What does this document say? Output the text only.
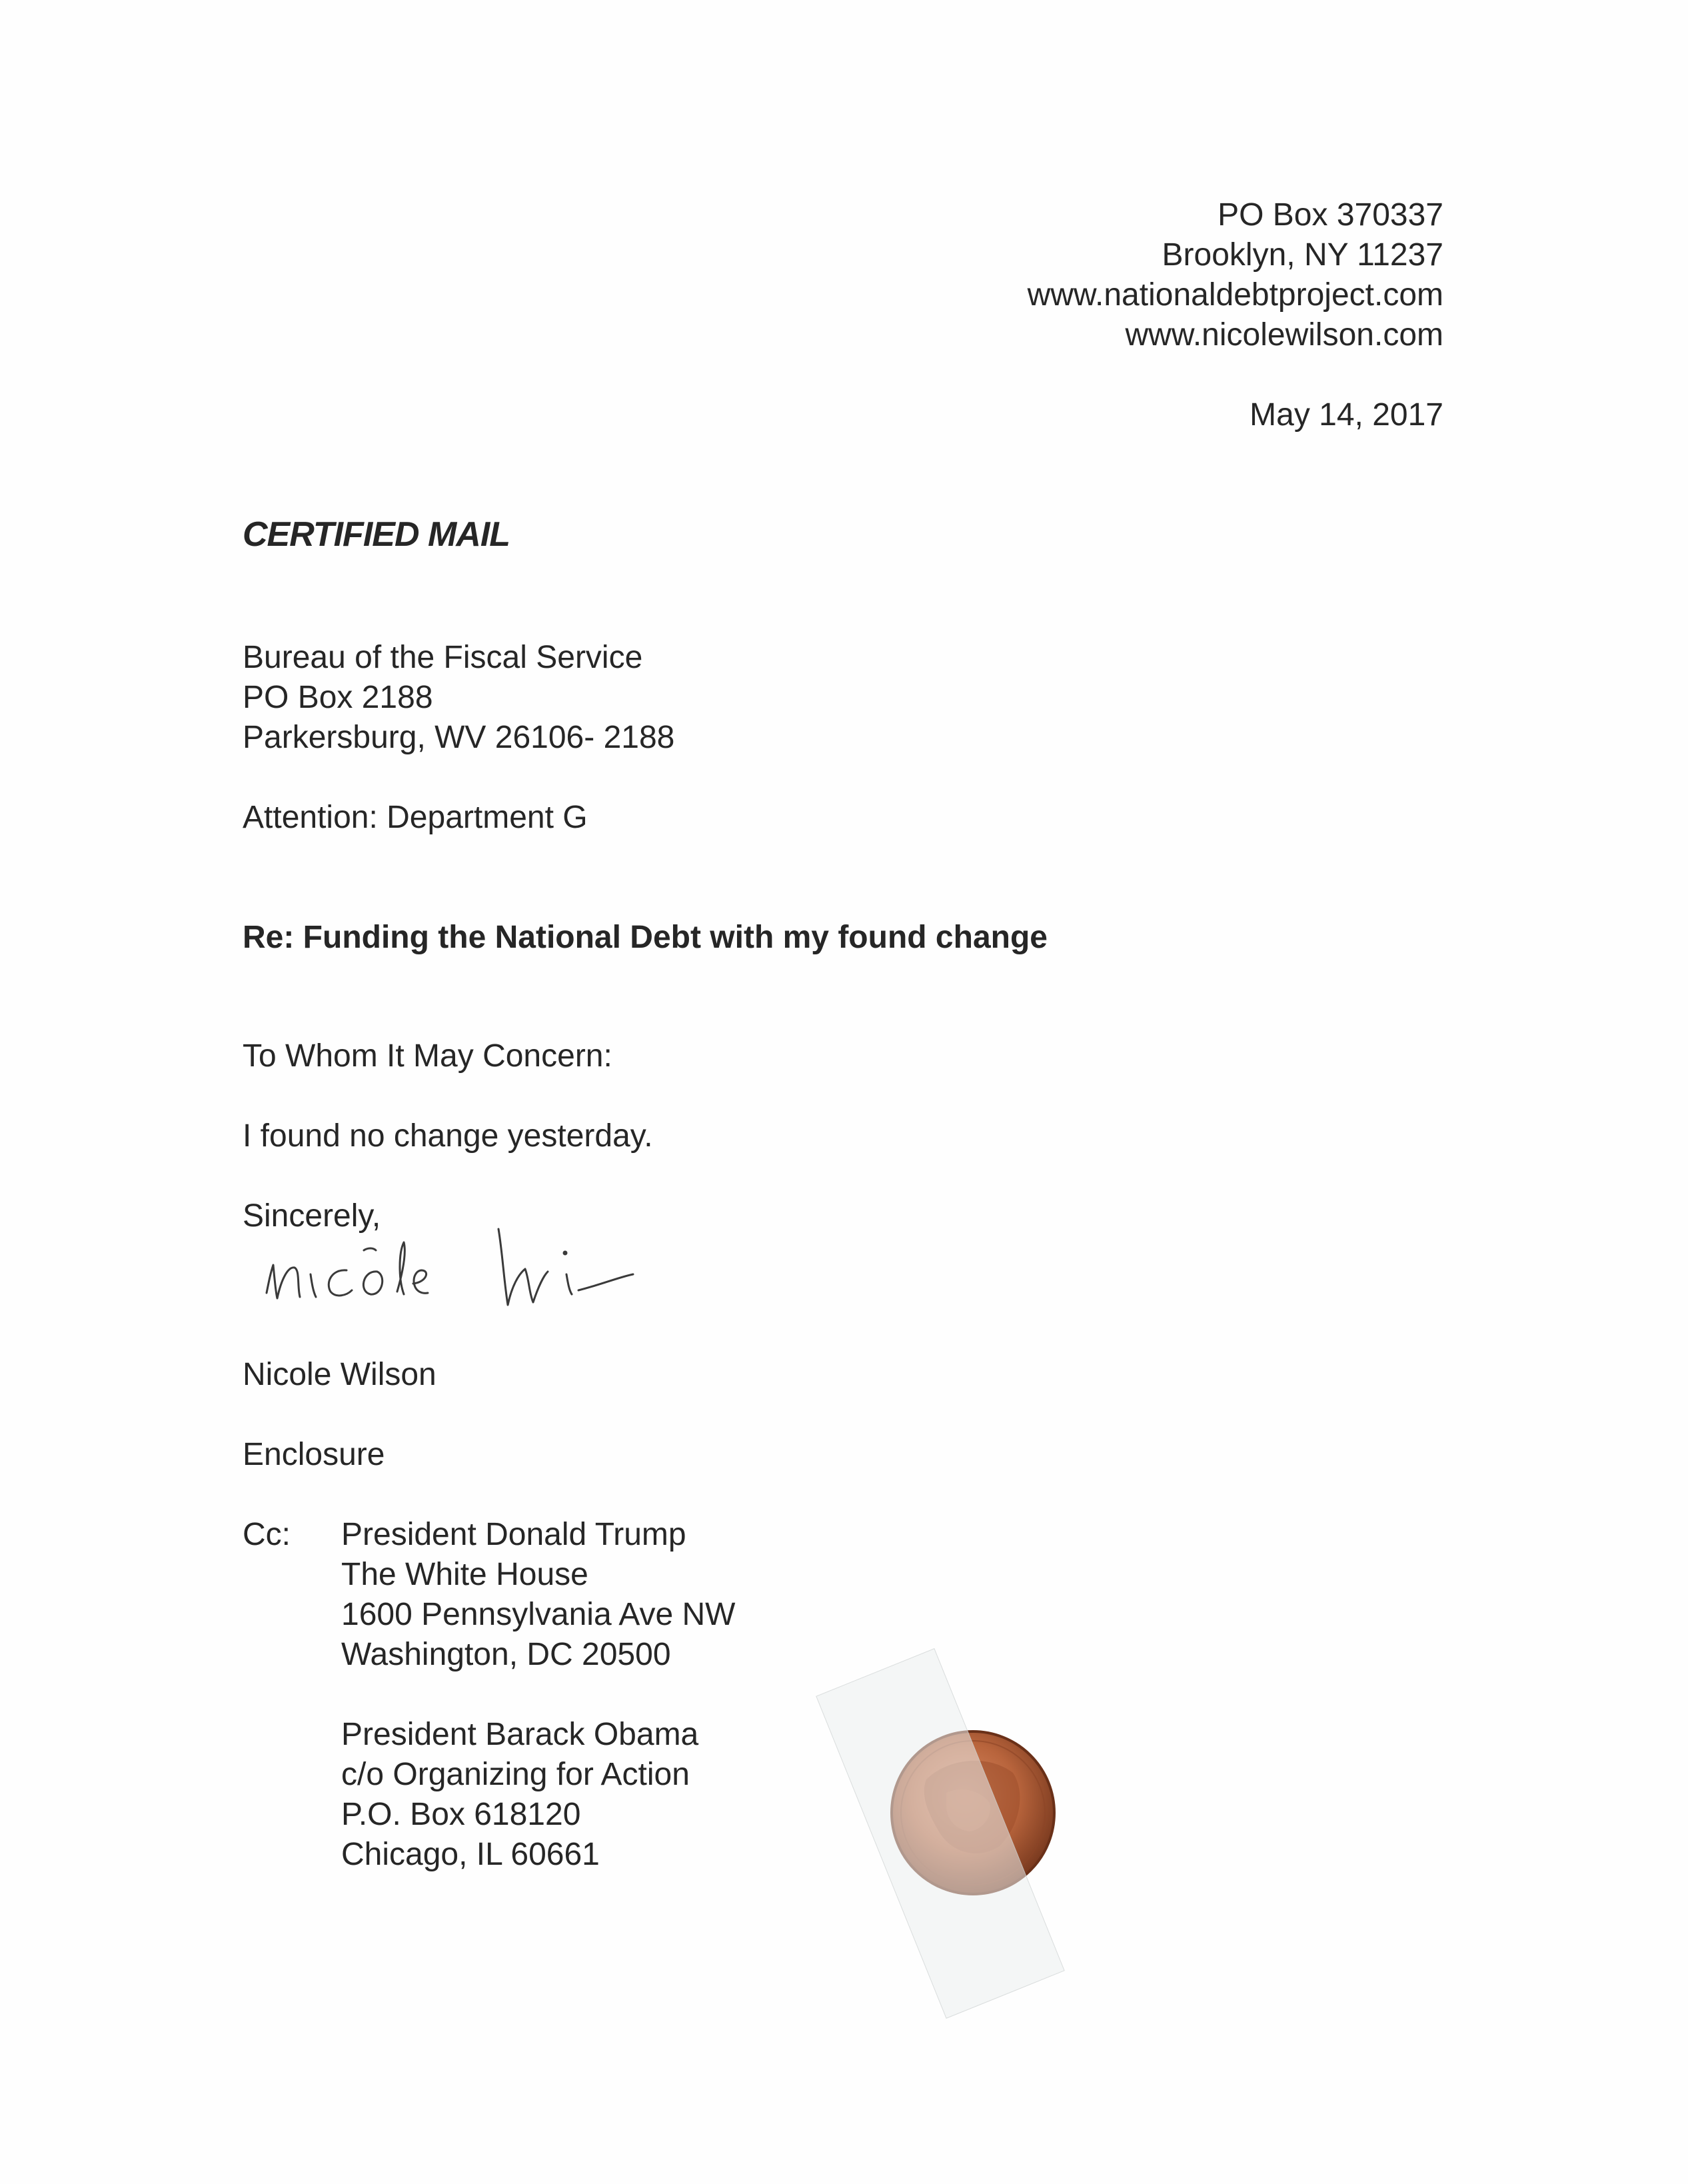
PO Box 370337
Brooklyn, NY 11237
www.nationaldebtproject.com
www.nicolewilson.com
May 14, 2017
CERTIFIED MAIL
Bureau of the Fiscal Service
PO Box 2188
Parkersburg, WV 26106- 2188
Attention: Department G
Re: Funding the National Debt with my found change
To Whom It May Concern:
I found no change yesterday.
Sincerely,
Nicole Wilson
Enclosure
Cc: President Donald Trump
The White House
1600 Pennsylvania Ave NW
Washington, DC 20500
President Barack Obama
c/o Organizing for Action
P.O. Box 618120
Chicago, IL 60661
